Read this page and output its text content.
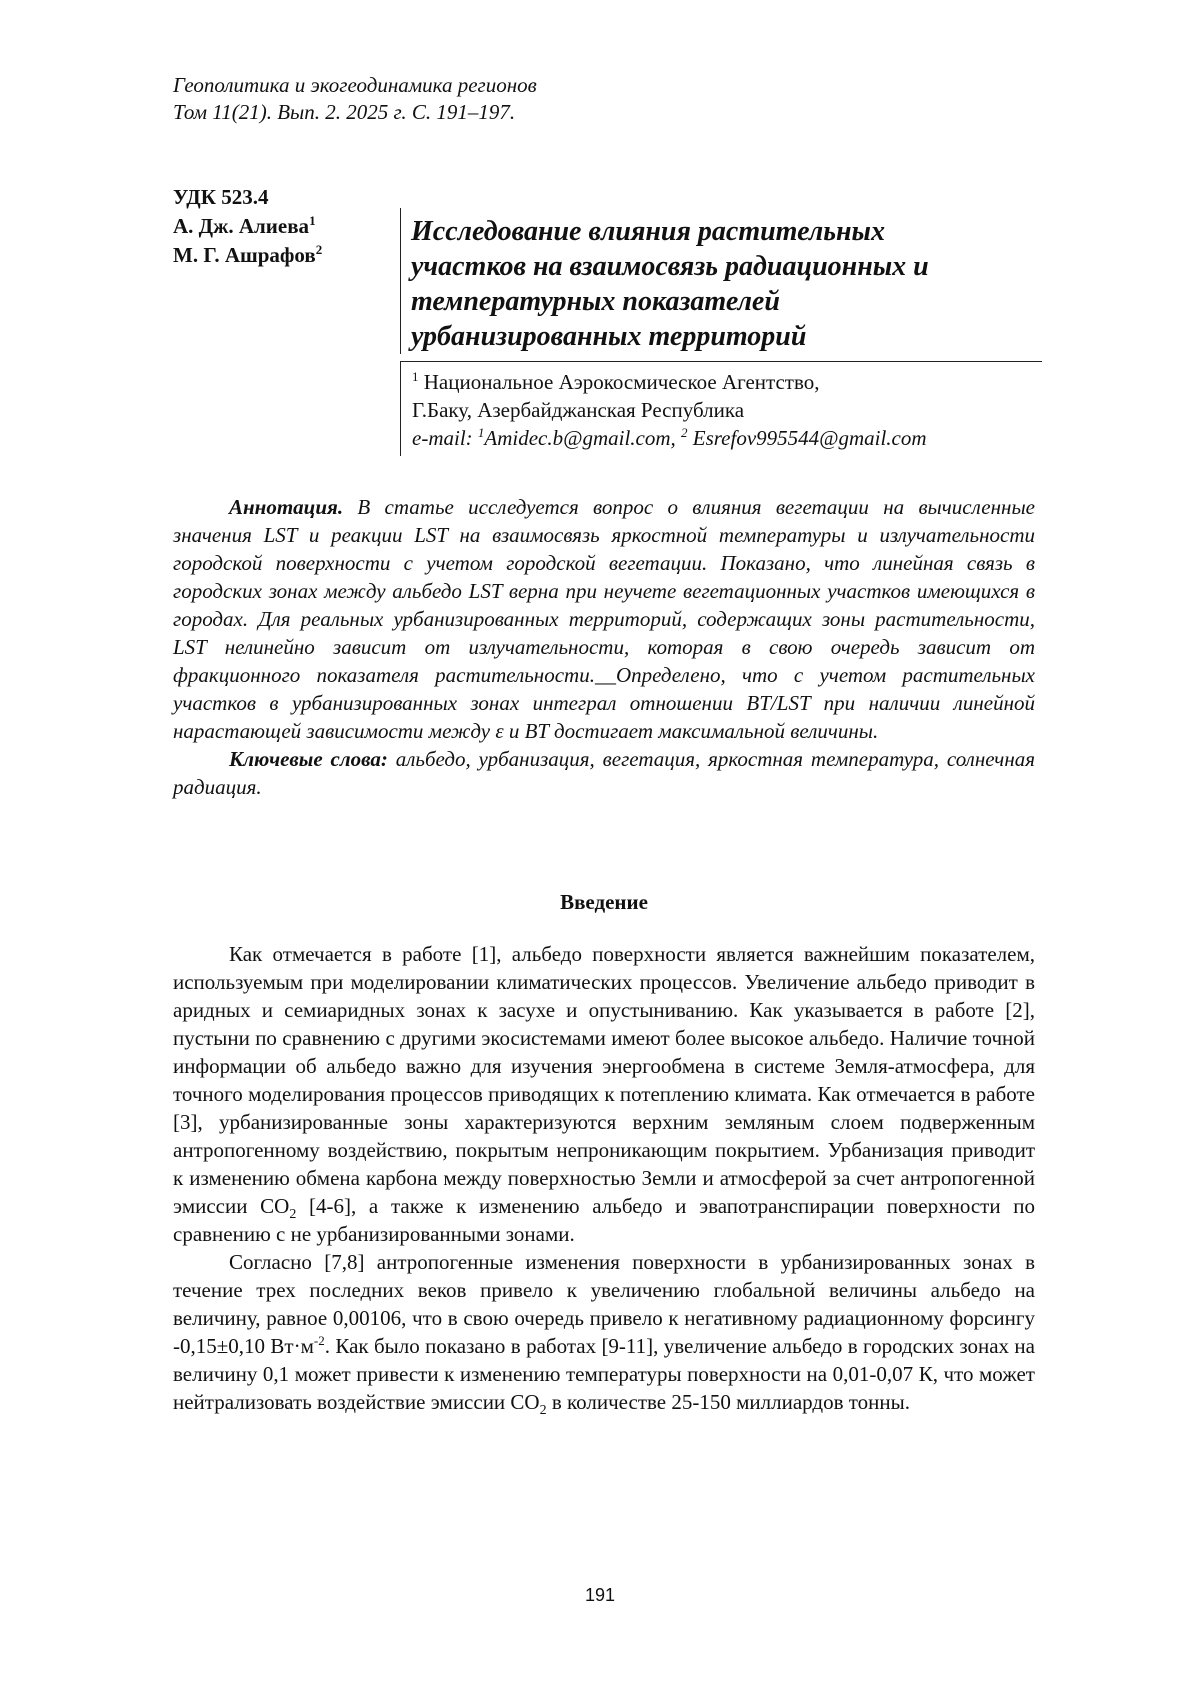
Геополитика и экогеодинамика регионов
Том 11(21). Вып. 2. 2025 г. С. 191–197.
УДК 523.4
А. Дж. Алиева1
М. Г. Ашрафов2
Исследование влияния растительных
участков на взаимосвязь радиационных и
температурных показателей
урбанизированных территорий
1 Национальное Аэрокосмическое Агентство,
Г.Баку, Азербайджанская Республика
e-mail: 1Amidec.b@gmail.com, 2 Esrefov995544@gmail.com

Аннотация. В статье исследуется вопрос о влияния вегетации на вычисленные значения LST и реакции LST на взаимосвязь яркостной температуры и излучательности городской поверхности с учетом городской вегетации. Показано, что линейная связь в городских зонах между альбедо LST верна при неучете вегетационных участков имеющихся в городах. Для реальных урбанизированных территорий, содержащих зоны растительности, LST нелинейно зависит от излучательности, которая в свою очередь зависит от фракционного показателя растительности.__Определено, что с учетом растительных участков в урбанизированных зонах интеграл отношении BT/LST при наличии линейной нарастающей зависимости между ε и BT достигает максимальной величины.

Ключевые слова: альбедо, урбанизация, вегетация, яркостная температура, солнечная радиация.

Введение

Как отмечается в работе [1], альбедо поверхности является важнейшим показателем, используемым при моделировании климатических процессов. Увеличение альбедо приводит в аридных и семиаридных зонах к засухе и опустыниванию. Как указывается в работе [2], пустыни по сравнению с другими экосистемами имеют более высокое альбедо. Наличие точной информации об альбедо важно для изучения энергообмена в системе Земля-атмосфера, для точного моделирования процессов приводящих к потеплению климата. Как отмечается в работе [3], урбанизированные зоны характеризуются верхним земляным слоем подверженным антропогенному воздействию, покрытым непроникающим покрытием. Урбанизация приводит к изменению обмена карбона между поверхностью Земли и атмосферой за счет антропогенной эмиссии CO2 [4-6], а также к изменению альбедо и эвапотранспирации поверхности по сравнению с не урбанизированными зонами.

Согласно [7,8] антропогенные изменения поверхности в урбанизированных зонах в течение трех последних веков привело к увеличению глобальной величины альбедо на величину, равное 0,00106, что в свою очередь привело к негативному радиационному форсингу -0,15±0,10 Вт·м-2. Как было показано в работах [9-11], увеличение альбедо в городских зонах на величину 0,1 может привести к изменению температуры поверхности на 0,01-0,07 К, что может нейтрализовать воздействие эмиссии CO2 в количестве 25-150 миллиардов тонны.

191
